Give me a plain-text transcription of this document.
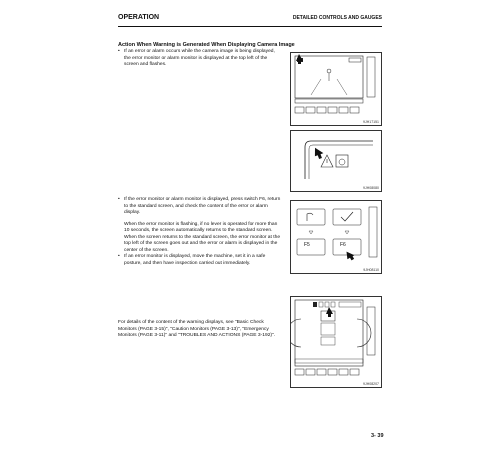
OPERATION	DETAILED CONTROLS AND GAUGES
Action When Warning is Generated When Displaying Camera Image
• If an error or alarm occurs while the camera image is being displayed, the error monitor or alarm monitor is displayed at the top left of the screen and flashes.
• If the error monitor or alarm monitor is displayed, press switch F6, return to the standard screen, and check the content of the error or alarm display.
When the error monitor is flashing, if no lever is operated for more than 10 seconds, the screen automatically returns to the standard screen.
When the screen returns to the standard screen, the error monitor at the top left of the screen goes out and the error or alarm is displayed in the center of the screen.
• If an error monitor is displayed, move the machine, set it in a safe posture, and then have inspection carried out immediately.
For details of the content of the warning displays, see "Basic Check Monitors (PAGE 3-15)", "Caution Monitors (PAGE 3-13)", "Emergency Monitors (PAGE 3-11)" and "TROUBLES AND ACTIONS (PAGE 3-192)".
9JH17151
9JH08080
F5	F6
9JH08110
9JH08207
3- 39
